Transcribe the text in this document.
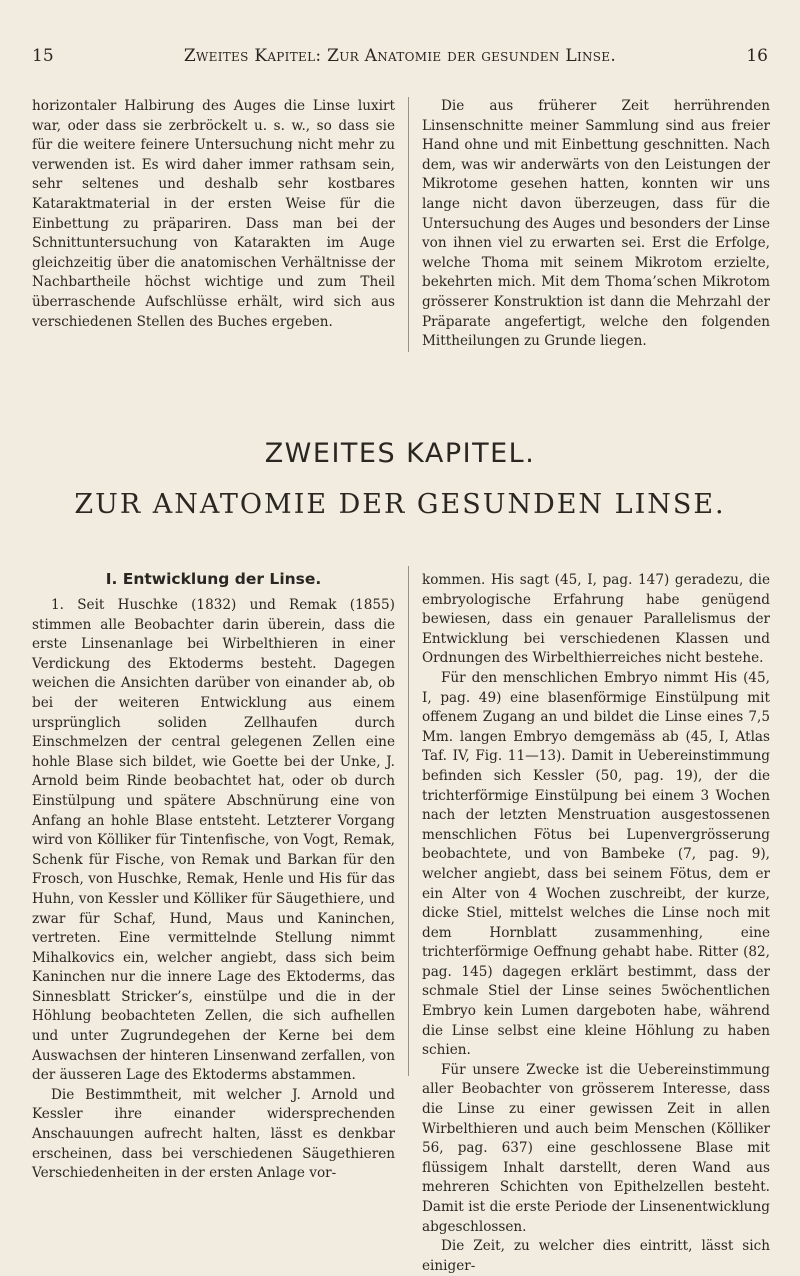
15	Zweites Kapitel: Zur Anatomie der gesunden Linse.	16

horizontaler Halbirung des Auges die Linse luxirt war, oder dass sie zerbröckelt u. s. w., so dass sie für die weitere feinere Untersuchung nicht mehr zu verwenden ist. Es wird daher immer rathsam sein, sehr seltenes und deshalb sehr kostbares Kataraktmaterial in der ersten Weise für die Einbettung zu präpariren. Dass man bei der Schnittuntersuchung von Katarakten im Auge gleichzeitig über die anatomischen Verhältnisse der Nachbartheile höchst wichtige und zum Theil überraschende Aufschlüsse erhält, wird sich aus verschiedenen Stellen des Buches ergeben.

Die aus früherer Zeit herrührenden Linsenschnitte meiner Sammlung sind aus freier Hand ohne und mit Einbettung geschnitten. Nach dem, was wir anderwärts von den Leistungen der Mikrotome gesehen hatten, konnten wir uns lange nicht davon überzeugen, dass für die Untersuchung des Auges und besonders der Linse von ihnen viel zu erwarten sei. Erst die Erfolge, welche Thoma mit seinem Mikrotom erzielte, bekehrten mich. Mit dem Thoma’schen Mikrotom grösserer Konstruktion ist dann die Mehrzahl der Präparate angefertigt, welche den folgenden Mittheilungen zu Grunde liegen.

ZWEITES KAPITEL.
ZUR ANATOMIE DER GESUNDEN LINSE.
I. Entwicklung der Linse.

1. Seit Huschke (1832) und Remak (1855) stimmen alle Beobachter darin überein, dass die erste Linsenanlage bei Wirbelthieren in einer Verdickung des Ektoderms besteht. Dagegen weichen die Ansichten darüber von einander ab, ob bei der weiteren Entwicklung aus einem ursprünglich soliden Zellhaufen durch Einschmelzen der central gelegenen Zellen eine hohle Blase sich bildet, wie Goette bei der Unke, J. Arnold beim Rinde beobachtet hat, oder ob durch Einstülpung und spätere Abschnürung eine von Anfang an hohle Blase entsteht. Letzterer Vorgang wird von Kölliker für Tintenfische, von Vogt, Remak, Schenk für Fische, von Remak und Barkan für den Frosch, von Huschke, Remak, Henle und His für das Huhn, von Kessler und Kölliker für Säugethiere, und zwar für Schaf, Hund, Maus und Kaninchen, vertreten. Eine vermittelnde Stellung nimmt Mihalkovics ein, welcher angiebt, dass sich beim Kaninchen nur die innere Lage des Ektoderms, das Sinnesblatt Stricker’s, einstülpe und die in der Höhlung beobachteten Zellen, die sich aufhellen und unter Zugrundegehen der Kerne bei dem Auswachsen der hinteren Linsenwand zerfallen, von der äusseren Lage des Ektoderms abstammen.

Die Bestimmtheit, mit welcher J. Arnold und Kessler ihre einander widersprechenden Anschauungen aufrecht halten, lässt es denkbar erscheinen, dass bei verschiedenen Säugethieren Verschiedenheiten in der ersten Anlage vor-

kommen. His sagt (45, I, pag. 147) geradezu, die embryologische Erfahrung habe genügend bewiesen, dass ein genauer Parallelismus der Entwicklung bei verschiedenen Klassen und Ordnungen des Wirbelthierreiches nicht bestehe.

Für den menschlichen Embryo nimmt His (45, I, pag. 49) eine blasenförmige Einstülpung mit offenem Zugang an und bildet die Linse eines 7,5 Mm. langen Embryo demgemäss ab (45, I, Atlas Taf. IV, Fig. 11—13). Damit in Uebereinstimmung befinden sich Kessler (50, pag. 19), der die trichterförmige Einstülpung bei einem 3 Wochen nach der letzten Menstruation ausgestossenen menschlichen Fötus bei Lupenvergrösserung beobachtete, und von Bambeke (7, pag. 9), welcher angiebt, dass bei seinem Fötus, dem er ein Alter von 4 Wochen zuschreibt, der kurze, dicke Stiel, mittelst welches die Linse noch mit dem Hornblatt zusammenhing, eine trichterförmige Oeffnung gehabt habe. Ritter (82, pag. 145) dagegen erklärt bestimmt, dass der schmale Stiel der Linse seines 5wöchentlichen Embryo kein Lumen dargeboten habe, während die Linse selbst eine kleine Höhlung zu haben schien.

Für unsere Zwecke ist die Uebereinstimmung aller Beobachter von grösserem Interesse, dass die Linse zu einer gewissen Zeit in allen Wirbelthieren und auch beim Menschen (Kölliker 56, pag. 637) eine geschlossene Blase mit flüssigem Inhalt darstellt, deren Wand aus mehreren Schichten von Epithelzellen besteht. Damit ist die erste Periode der Linsenentwicklung abgeschlossen.

Die Zeit, zu welcher dies eintritt, lässt sich einiger-
